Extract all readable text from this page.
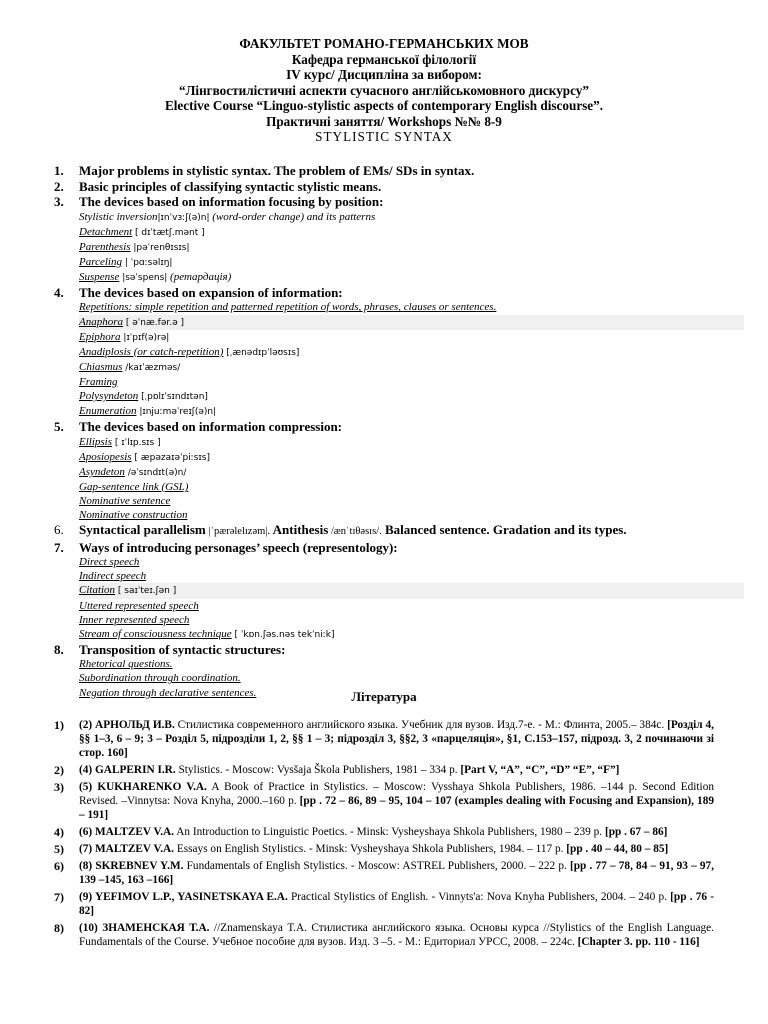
ФАКУЛЬТЕТ РОМАНО-ГЕРМАНСЬКИХ МОВ
Кафедра германської філології
IV курс/ Дисципліна за вибором:
“Лінгвостилістичні аспекти сучасного англійськомовного дискурсу”
Elective Course “Linguo-stylistic aspects of contemporary English discourse”.
Практичні заняття/ Workshops №№ 8-9
STYLISTIC SYNTAX
1. Major problems in stylistic syntax. The problem of EMs/ SDs in syntax.
2. Basic principles of classifying syntactic stylistic means.
3. The devices based on information focusing by position:
Stylistic inversion|ɪnˈvɜːʃ(ə)n| (word-order change) and its patterns
Detachment [ dɪˈtætʃ.mənt ]
Parenthesis |pəˈrenθɪsɪs|
Parceling | ˈpɑːsəlɪŋ|
Suspense |səˈspens| (ретардація)
4. The devices based on expansion of information:
Repetitions: simple repetition and patterned repetition of words, phrases, clauses or sentences.
Anaphora [ əˈnæ.fər.ə ]
Epiphora |ɪˈpɪf(ə)rə|
Anadiplosis (or catch-repetition) [ˌænədɪpˈləʊsɪs]
Chiasmus /kaɪˈæzməs/
Framing
Polysyndeton [ˌpɒlɪˈsɪndɪtən]
Enumeration |ɪnjuːməˈreɪʃ(ə)n|
5. The devices based on information compression:
Ellipsis [ ɪˈlɪp.sɪs ]
Aposiopesis [ æpəzaɪəˈpiːsɪs]
Asyndeton /əˈsɪndɪt(ə)n/
Gap-sentence link (GSL)
Nominative sentence
Nominative construction
6. Syntactical parallelism |ˈpærəlelɪzəm|. Antithesis /ænˈtɪθəsɪs/. Balanced sentence. Gradation and its types.
7. Ways of introducing personages’ speech (representology):
Direct speech
Indirect speech
Citation [ saɪˈteɪ.ʃən ]
Uttered represented speech
Inner represented speech
Stream of consciousness technique [ ˈkɒn.ʃəs.nəs tekˈniːk]
8. Transposition of syntactic structures:
Rhetorical questions.
Subordination through coordination.
Negation through declarative sentences.	Література
1) (2) АРНОЛЬД И.В. Стилистика современного английского языка. Учебник для вузов. Изд.7-е. - М.: Флинта, 2005.– 384с. [Розділ 4, §§ 1–3, 6 – 9; 3 – Розділ 5, підрозділи 1, 2, §§ 1 – 3; підрозділ 3, §§2, 3 «парцеляція», §1, С.153–157, підрозд. 3, 2 починаючи зі стор. 160]
2) (4) GALPERIN I.R. Stylistics. - Moscow: Vysšaja Školа Publishers, 1981 – 334 р. [Part V, “A”, “C”, “D” “E”, “F”]
3) (5) KUKHARENKO V.A. A Book of Practice in Stylistics. – Moscow: Vysshaya Shkola Publishers, 1986. –144 p. Second Edition Revised. –Vinnytsa: Nova Knyha, 2000.–160 p. [pp . 72 – 86, 89 – 95, 104 – 107 (examples dealing with Focusing and Expansion), 189 – 191]
4) (6) MALTZEV V.A. An Introduction to Linguistic Poetics. - Minsk: Vysheyshaya Shkola Publishers, 1980 – 239 p. [pp . 67 – 86]
5) (7) MALTZEV V.A. Essays on English Stylistics. - Minsk: Vysheyshaya Shkola Publishers, 1984. – 117 p. [pp . 40 – 44, 80 – 85]
6) (8) SKREBNEV Y.M. Fundamentals of English Stylistics. - Moscow: ASTREL Publishers, 2000. – 222 p. [pp . 77 – 78, 84 – 91, 93 – 97, 139 –145, 163 –166]
7) (9) YEFIMOV L.P., YASINETSKAYA E.A. Practical Stylistics of English. - Vinnyts'a: Nova Knyha Publishers, 2004. – 240 p. [pp . 76 - 82]
8) (10) ЗНАМЕНСКАЯ Т.А. //Znamenskaya Т.А. Стилистика английского языка. Основы курса //Stylistics of the English Language. Fundamentals of the Course. Учебное пособие для вузов. Изд. 3 –5. - М.: Едиториал УРСС, 2008. – 224с. [Chapter 3. pp. 110 - 116]
